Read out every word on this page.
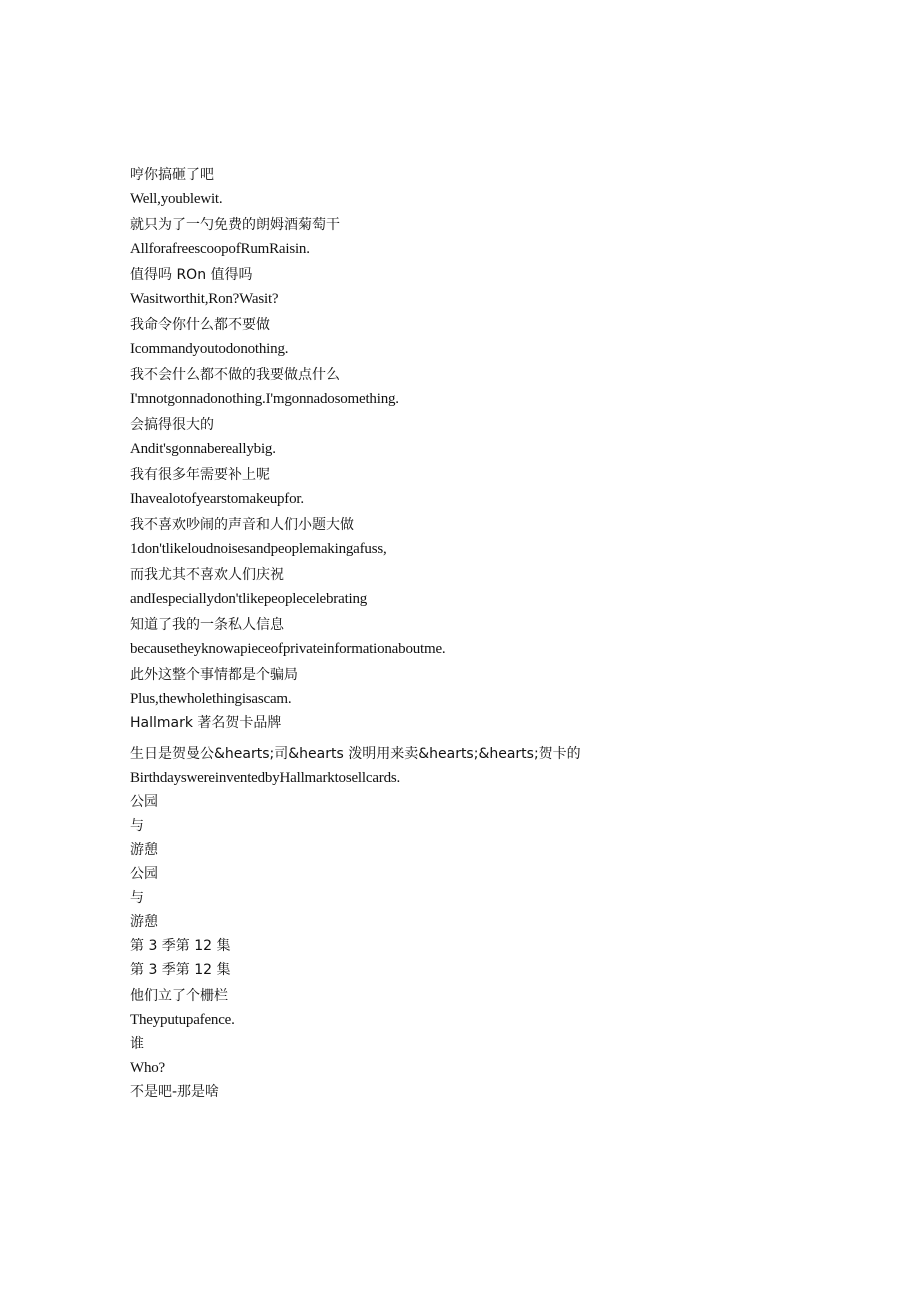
哼你搞砸了吧
Well,youblewit.
就只为了一勺免费的朗姆酒菊萄干
AllforafreescoopofRumRaisin.
值得吗 ROn 值得吗
Wasitworthit,Ron?Wasit?
我命令你什么都不要做
Icommandyoutodonothing.
我不会什么都不做的我要做点什么
I'mnotgonnadonothing.I'mgonnadosomething.
会搞得很大的
Andit'sgonnabereallybig.
我有很多年需要补上呢
Ihavealotofyearstomakeupfor.
我不喜欢吵闹的声音和人们小题大做
1don'tlikeloudnoisesandpeoplemakingafuss,
而我尤其不喜欢人们庆祝
andIespeciallydon'tlikepeoplecelebrating
知道了我的一条私人信息
becausetheyknowapieceofprivateinformationaboutme.
此外这整个事情都是个骗局
Plus,thewholethingisascam.
Hallmark 著名贺卡品牌
生日是贺曼公&hearts;司&hearts 泼明用来卖&hearts;&hearts;贺卡的
BirthdayswereinventedbyHallmarktosellcards.
公园
与
游憩
公园
与
游憩
第 3 季第 12 集
第 3 季第 12 集
他们立了个栅栏
Theyputupafence.
谁
Who?
不是吧-那是啥
